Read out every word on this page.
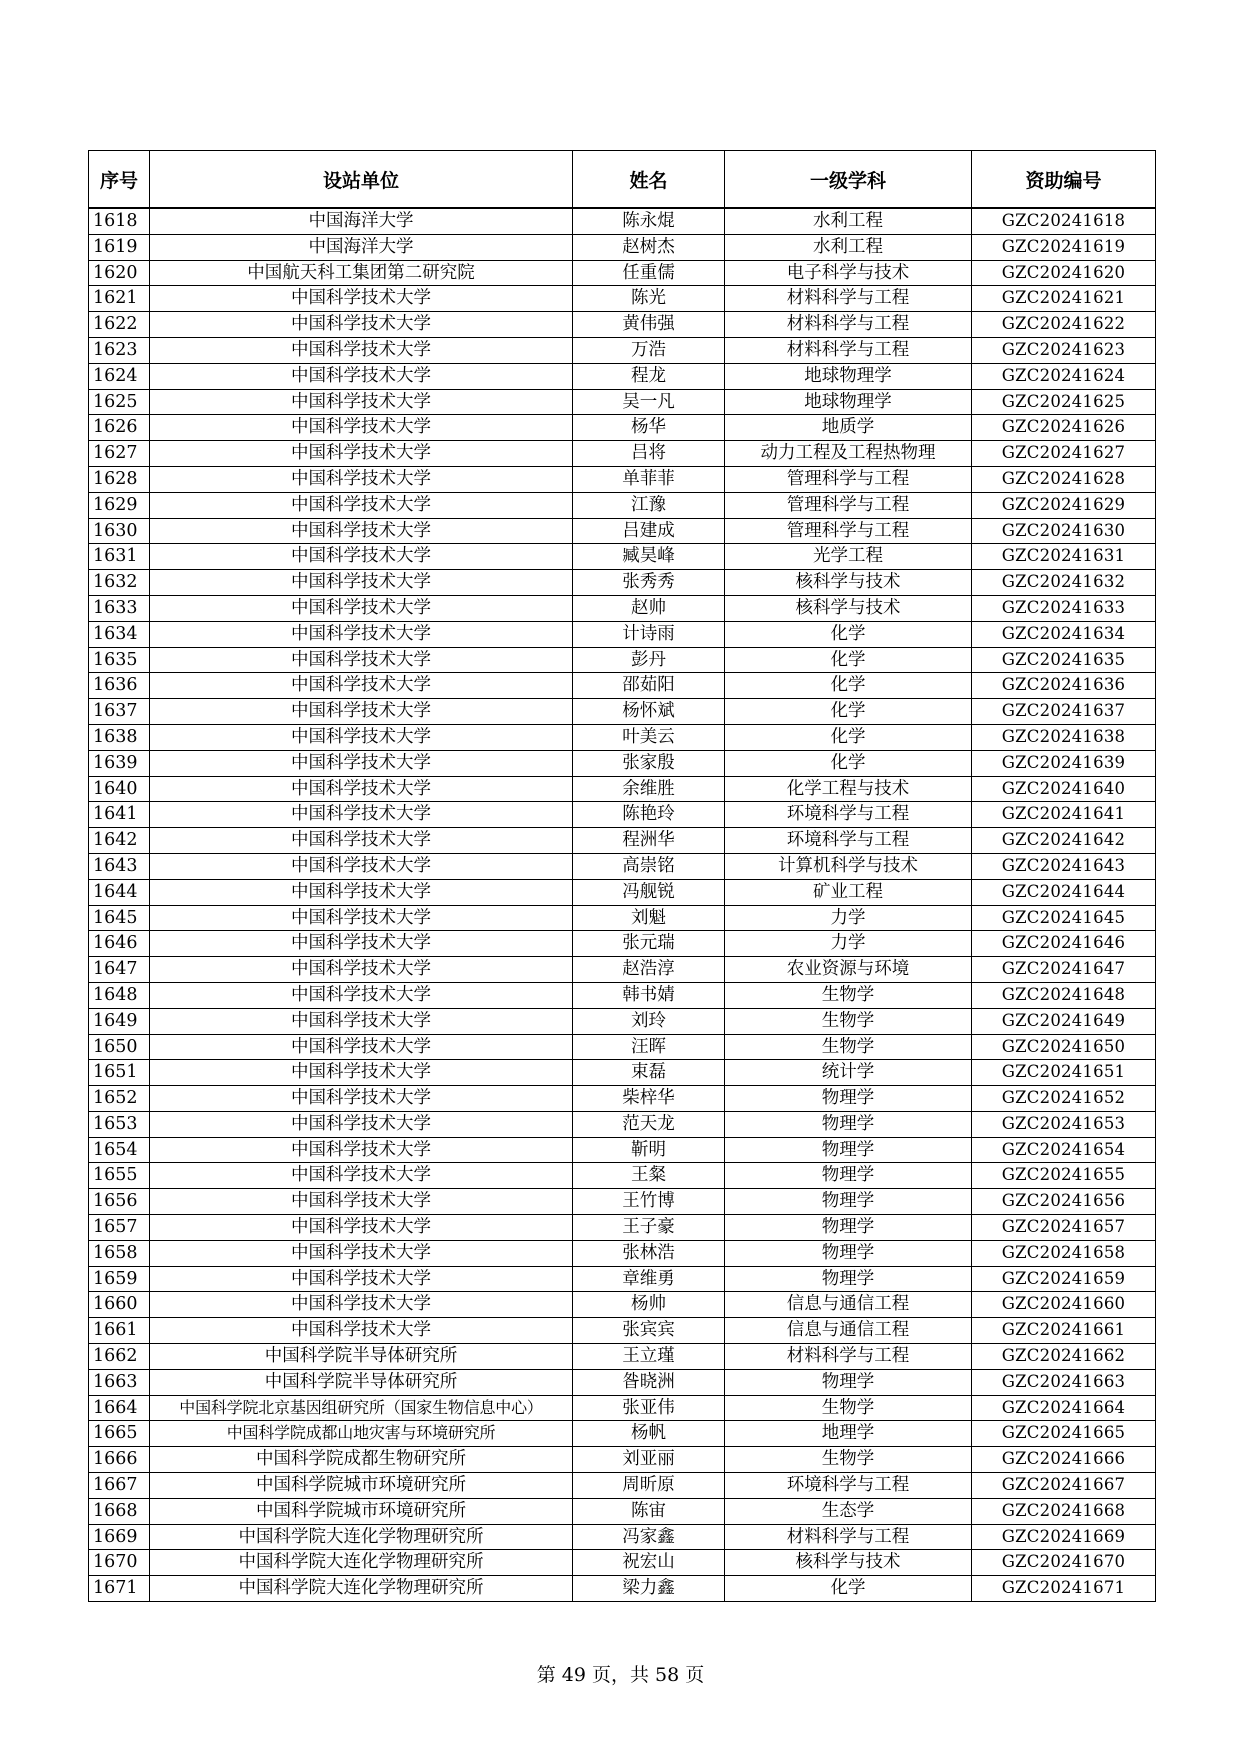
序号	设站单位	姓名	一级学科	资助编号
1618	中国海洋大学	陈永焜	水利工程	GZC20241618
1619	中国海洋大学	赵树杰	水利工程	GZC20241619
1620	中国航天科工集团第二研究院	任重儒	电子科学与技术	GZC20241620
1621	中国科学技术大学	陈光	材料科学与工程	GZC20241621
1622	中国科学技术大学	黄伟强	材料科学与工程	GZC20241622
1623	中国科学技术大学	万浩	材料科学与工程	GZC20241623
1624	中国科学技术大学	程龙	地球物理学	GZC20241624
1625	中国科学技术大学	吴一凡	地球物理学	GZC20241625
1626	中国科学技术大学	杨华	地质学	GZC20241626
1627	中国科学技术大学	吕将	动力工程及工程热物理	GZC20241627
1628	中国科学技术大学	单菲菲	管理科学与工程	GZC20241628
1629	中国科学技术大学	江豫	管理科学与工程	GZC20241629
1630	中国科学技术大学	吕建成	管理科学与工程	GZC20241630
1631	中国科学技术大学	臧昊峰	光学工程	GZC20241631
1632	中国科学技术大学	张秀秀	核科学与技术	GZC20241632
1633	中国科学技术大学	赵帅	核科学与技术	GZC20241633
1634	中国科学技术大学	计诗雨	化学	GZC20241634
1635	中国科学技术大学	彭丹	化学	GZC20241635
1636	中国科学技术大学	邵茹阳	化学	GZC20241636
1637	中国科学技术大学	杨怀斌	化学	GZC20241637
1638	中国科学技术大学	叶美云	化学	GZC20241638
1639	中国科学技术大学	张家殷	化学	GZC20241639
1640	中国科学技术大学	余维胜	化学工程与技术	GZC20241640
1641	中国科学技术大学	陈艳玲	环境科学与工程	GZC20241641
1642	中国科学技术大学	程洲华	环境科学与工程	GZC20241642
1643	中国科学技术大学	高崇铭	计算机科学与技术	GZC20241643
1644	中国科学技术大学	冯舰锐	矿业工程	GZC20241644
1645	中国科学技术大学	刘魁	力学	GZC20241645
1646	中国科学技术大学	张元瑞	力学	GZC20241646
1647	中国科学技术大学	赵浩淳	农业资源与环境	GZC20241647
1648	中国科学技术大学	韩书婧	生物学	GZC20241648
1649	中国科学技术大学	刘玲	生物学	GZC20241649
1650	中国科学技术大学	汪晖	生物学	GZC20241650
1651	中国科学技术大学	束磊	统计学	GZC20241651
1652	中国科学技术大学	柴梓华	物理学	GZC20241652
1653	中国科学技术大学	范天龙	物理学	GZC20241653
1654	中国科学技术大学	靳明	物理学	GZC20241654
1655	中国科学技术大学	王粲	物理学	GZC20241655
1656	中国科学技术大学	王竹博	物理学	GZC20241656
1657	中国科学技术大学	王子豪	物理学	GZC20241657
1658	中国科学技术大学	张林浩	物理学	GZC20241658
1659	中国科学技术大学	章维勇	物理学	GZC20241659
1660	中国科学技术大学	杨帅	信息与通信工程	GZC20241660
1661	中国科学技术大学	张宾宾	信息与通信工程	GZC20241661
1662	中国科学院半导体研究所	王立瑾	材料科学与工程	GZC20241662
1663	中国科学院半导体研究所	昝晓洲	物理学	GZC20241663
1664	中国科学院北京基因组研究所（国家生物信息中心）	张亚伟	生物学	GZC20241664
1665	中国科学院成都山地灾害与环境研究所	杨帆	地理学	GZC20241665
1666	中国科学院成都生物研究所	刘亚丽	生物学	GZC20241666
1667	中国科学院城市环境研究所	周昕原	环境科学与工程	GZC20241667
1668	中国科学院城市环境研究所	陈宙	生态学	GZC20241668
1669	中国科学院大连化学物理研究所	冯家鑫	材料科学与工程	GZC20241669
1670	中国科学院大连化学物理研究所	祝宏山	核科学与技术	GZC20241670
1671	中国科学院大连化学物理研究所	梁力鑫	化学	GZC20241671
第 49 页，共 58 页
